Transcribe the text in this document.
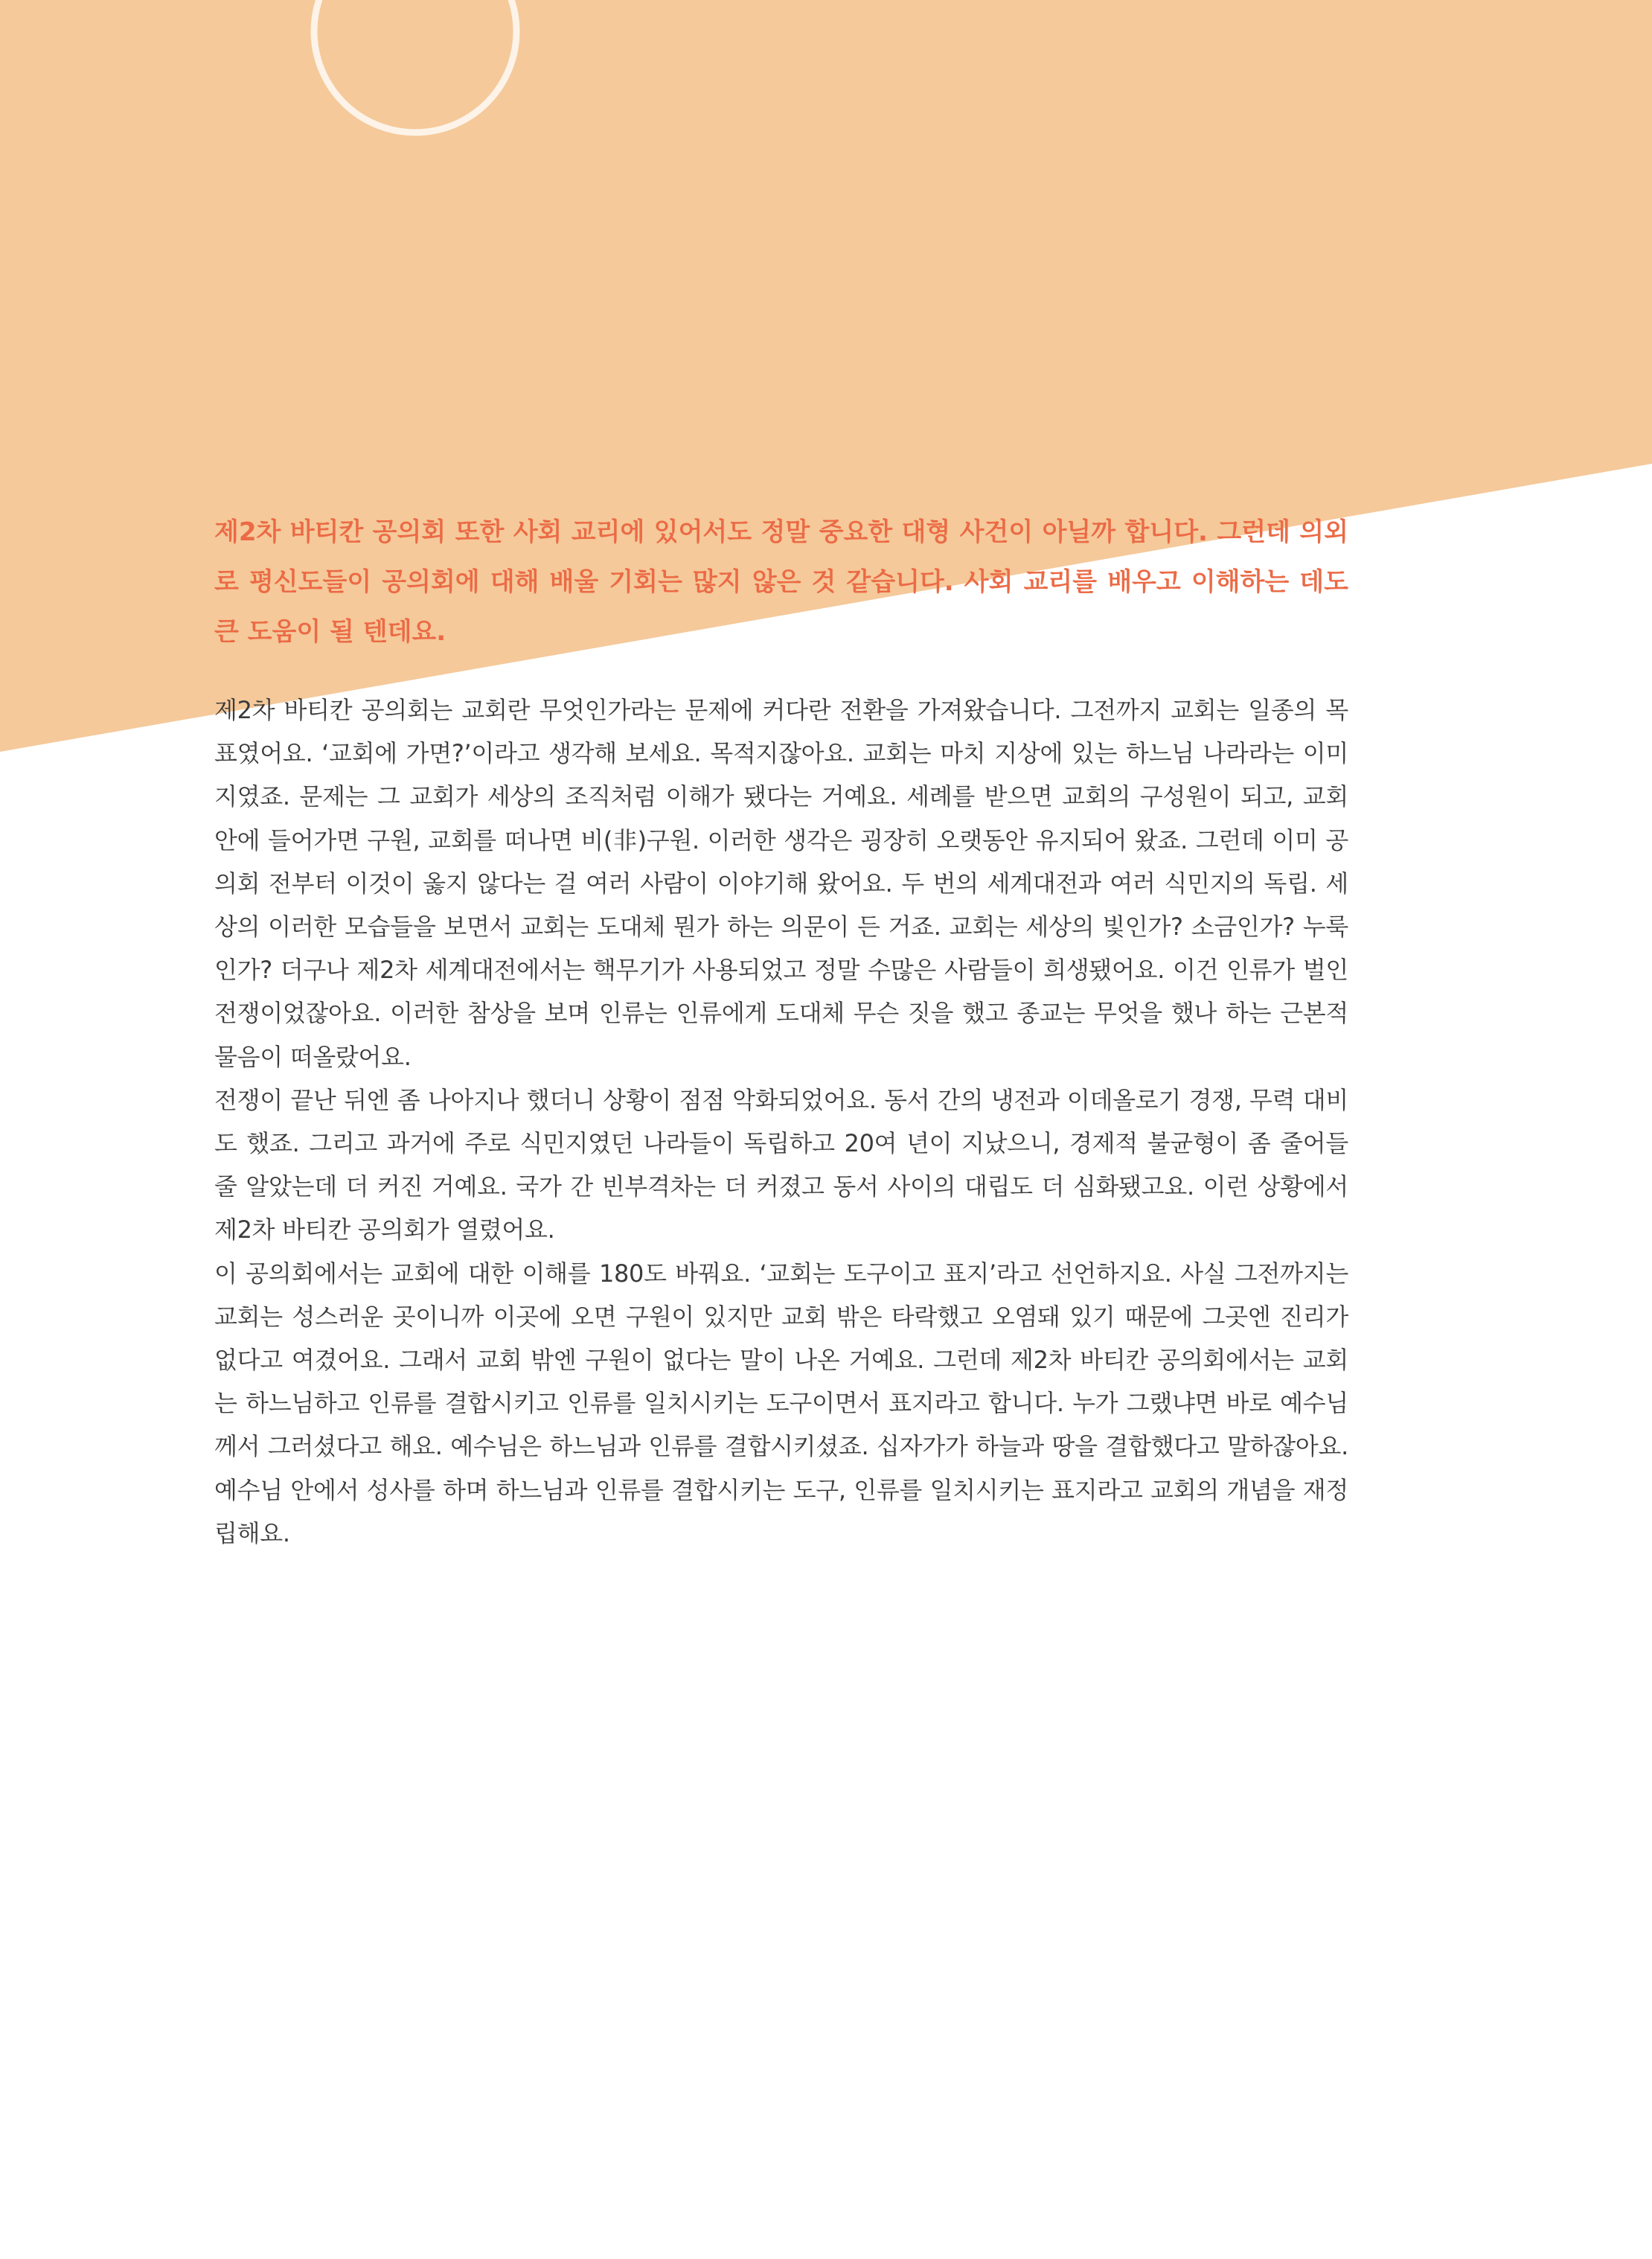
제2차 바티칸 공의회 또한 사회 교리에 있어서도 정말 중요한 대형 사건이 아닐까 합니다. 그런데 의외로 평신도들이 공의회에 대해 배울 기회는 많지 않은 것 같습니다. 사회 교리를 배우고 이해하는 데도 큰 도움이 될 텐데요.

제2차 바티칸 공의회는 교회란 무엇인가라는 문제에 커다란 전환을 가져왔습니다. 그전까지 교회는 일종의 목표였어요. ‘교회에 가면?’이라고 생각해 보세요. 목적지잖아요. 교회는 마치 지상에 있는 하느님 나라라는 이미지였죠. 문제는 그 교회가 세상의 조직처럼 이해가 됐다는 거예요. 세례를 받으면 교회의 구성원이 되고, 교회 안에 들어가면 구원, 교회를 떠나면 비(非)구원. 이러한 생각은 굉장히 오랫동안 유지되어 왔죠. 그런데 이미 공의회 전부터 이것이 옳지 않다는 걸 여러 사람이 이야기해 왔어요. 두 번의 세계대전과 여러 식민지의 독립. 세상의 이러한 모습들을 보면서 교회는 도대체 뭔가 하는 의문이 든 거죠. 교회는 세상의 빛인가? 소금인가? 누룩인가? 더구나 제2차 세계대전에서는 핵무기가 사용되었고 정말 수많은 사람들이 희생됐어요. 이건 인류가 벌인 전쟁이었잖아요. 이러한 참상을 보며 인류는 인류에게 도대체 무슨 짓을 했고 종교는 무엇을 했나 하는 근본적 물음이 떠올랐어요.

전쟁이 끝난 뒤엔 좀 나아지나 했더니 상황이 점점 악화되었어요. 동서 간의 냉전과 이데올로기 경쟁, 무력 대비도 했죠. 그리고 과거에 주로 식민지였던 나라들이 독립하고 20여 년이 지났으니, 경제적 불균형이 좀 줄어들 줄 알았는데 더 커진 거예요. 국가 간 빈부격차는 더 커졌고 동서 사이의 대립도 더 심화됐고요. 이런 상황에서 제2차 바티칸 공의회가 열렸어요.

이 공의회에서는 교회에 대한 이해를 180도 바꿔요. ‘교회는 도구이고 표지’라고 선언하지요. 사실 그전까지는 교회는 성스러운 곳이니까 이곳에 오면 구원이 있지만 교회 밖은 타락했고 오염돼 있기 때문에 그곳엔 진리가 없다고 여겼어요. 그래서 교회 밖엔 구원이 없다는 말이 나온 거예요. 그런데 제2차 바티칸 공의회에서는 교회는 하느님하고 인류를 결합시키고 인류를 일치시키는 도구이면서 표지라고 합니다. 누가 그랬냐면 바로 예수님께서 그러셨다고 해요. 예수님은 하느님과 인류를 결합시키셨죠. 십자가가 하늘과 땅을 결합했다고 말하잖아요. 예수님 안에서 성사를 하며 하느님과 인류를 결합시키는 도구, 인류를 일치시키는 표지라고 교회의 개념을 재정립해요.
